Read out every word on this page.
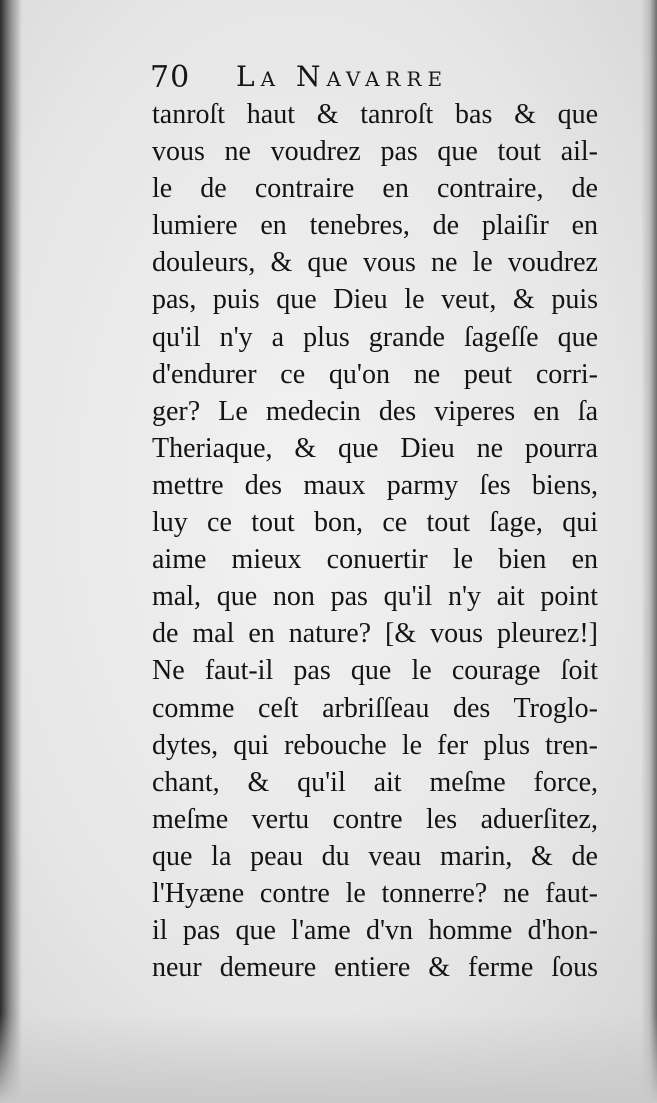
70 La Navarre
tanroſt haut & tanroſt bas & que
vous ne voudrez pas que tout ail-
le de contraire en contraire, de
lumiere en tenebres, de plaiſir en
douleurs, & que vous ne le voudrez
pas, puis que Dieu le veut, & puis
qu'il n'y a plus grande ſageſſe que
d'endurer ce qu'on ne peut corri-
ger? Le medecin des viperes en ſa
Theriaque, & que Dieu ne pourra
mettre des maux parmy ſes biens,
luy ce tout bon, ce tout ſage, qui
aime mieux conuertir le bien en
mal, que non pas qu'il n'y ait point
de mal en nature? [& vous pleurez!]
Ne faut-il pas que le courage ſoit
comme ceſt arbriſſeau des Troglo-
dytes, qui rebouche le fer plus tren-
chant, & qu'il ait meſme force,
meſme vertu contre les aduerſitez,
que la peau du veau marin, & de
l'Hyæne contre le tonnerre? ne faut-
il pas que l'ame d'vn homme d'hon-
neur demeure entiere & ferme ſous
